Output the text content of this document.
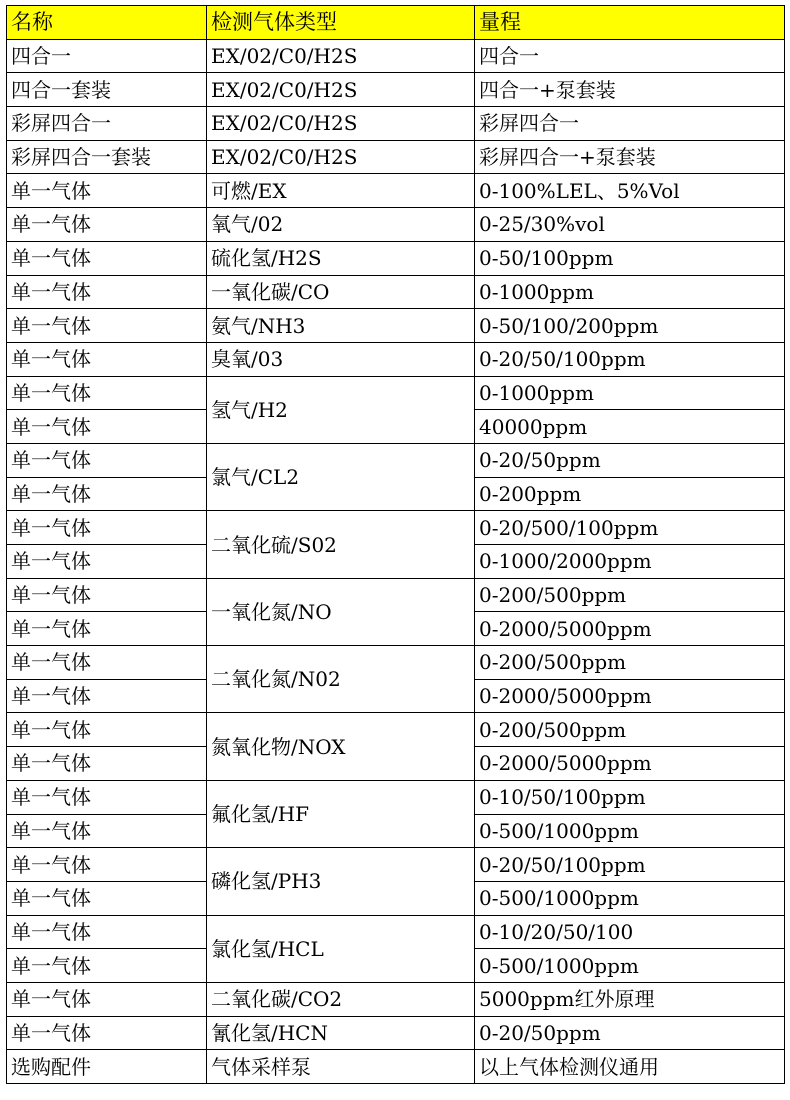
名称	检测气体类型	量程
四合一	EX/02/C0/H2S	四合一
四合一套装	EX/02/C0/H2S	四合一+泵套装
彩屏四合一	EX/02/C0/H2S	彩屏四合一
彩屏四合一套装	EX/02/C0/H2S	彩屏四合一+泵套装
单一气体	可燃/EX	0-100%LEL、5%Vol
单一气体	氧气/02	0-25/30%vol
单一气体	硫化氢/H2S	0-50/100ppm
单一气体	一氧化碳/CO	0-1000ppm
单一气体	氨气/NH3	0-50/100/200ppm
单一气体	臭氧/03	0-20/50/100ppm
单一气体	氢气/H2	0-1000ppm
单一气体		40000ppm
单一气体	氯气/CL2	0-20/50ppm
单一气体		0-200ppm
单一气体	二氧化硫/S02	0-20/500/100ppm
单一气体		0-1000/2000ppm
单一气体	一氧化氮/NO	0-200/500ppm
单一气体		0-2000/5000ppm
单一气体	二氧化氮/N02	0-200/500ppm
单一气体		0-2000/5000ppm
单一气体	氮氧化物/NOX	0-200/500ppm
单一气体		0-2000/5000ppm
单一气体	氟化氢/HF	0-10/50/100ppm
单一气体		0-500/1000ppm
单一气体	磷化氢/PH3	0-20/50/100ppm
单一气体		0-500/1000ppm
单一气体	氯化氢/HCL	0-10/20/50/100
单一气体		0-500/1000ppm
单一气体	二氧化碳/CO2	5000ppm红外原理
单一气体	氰化氢/HCN	0-20/50ppm
选购配件	气体采样泵	以上气体检测仪通用
